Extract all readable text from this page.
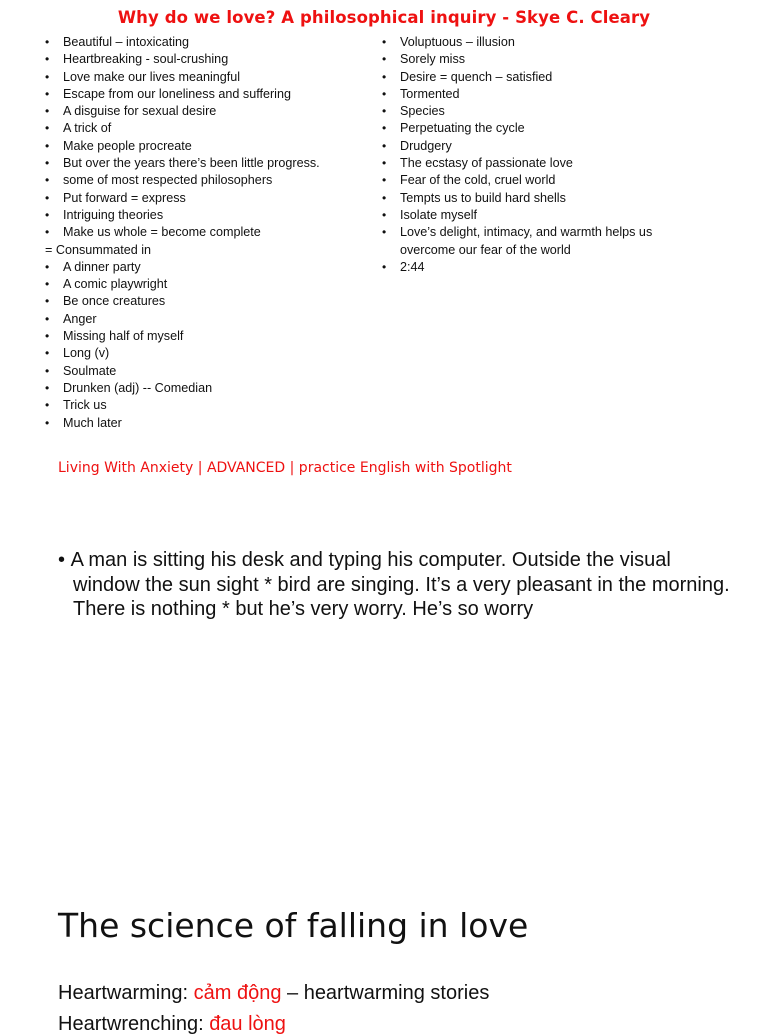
Why do we love? A philosophical inquiry - Skye C. Cleary
• Beautiful – intoxicating
• Heartbreaking - soul-crushing
• Love make our lives meaningful
• Escape from our loneliness and suffering
• A disguise for sexual desire
• A trick of
• Make people procreate
• But over the years there’s been little progress.
• some of most respected philosophers
• Put forward = express
• Intriguing theories
• Make us whole = become complete
= Consummated in
• A dinner party
• A comic playwright
• Be once creatures
• Anger
• Missing half of myself
• Long (v)
• Soulmate
• Drunken (adj) -- Comedian
• Trick us
• Much later
• Voluptuous – illusion
• Sorely miss
• Desire = quench – satisfied
• Tormented
• Species
• Perpetuating the cycle
• Drudgery
• The ecstasy of passionate love
• Fear of the cold, cruel world
• Tempts us to build hard shells
• Isolate myself
• Love’s delight, intimacy, and warmth helps us overcome our fear of the world
• 2:44
Living With Anxiety | ADVANCED | practice English with Spotlight
• A man is sitting his desk and typing his computer. Outside the visual window the sun sight * bird are singing. It’s a very pleasant in the morning. There is nothing * but he’s very worry. He’s so worry
The science of falling in love
Heartwarming: cảm động – heartwarming stories
Heartwrenching: đau lòng
